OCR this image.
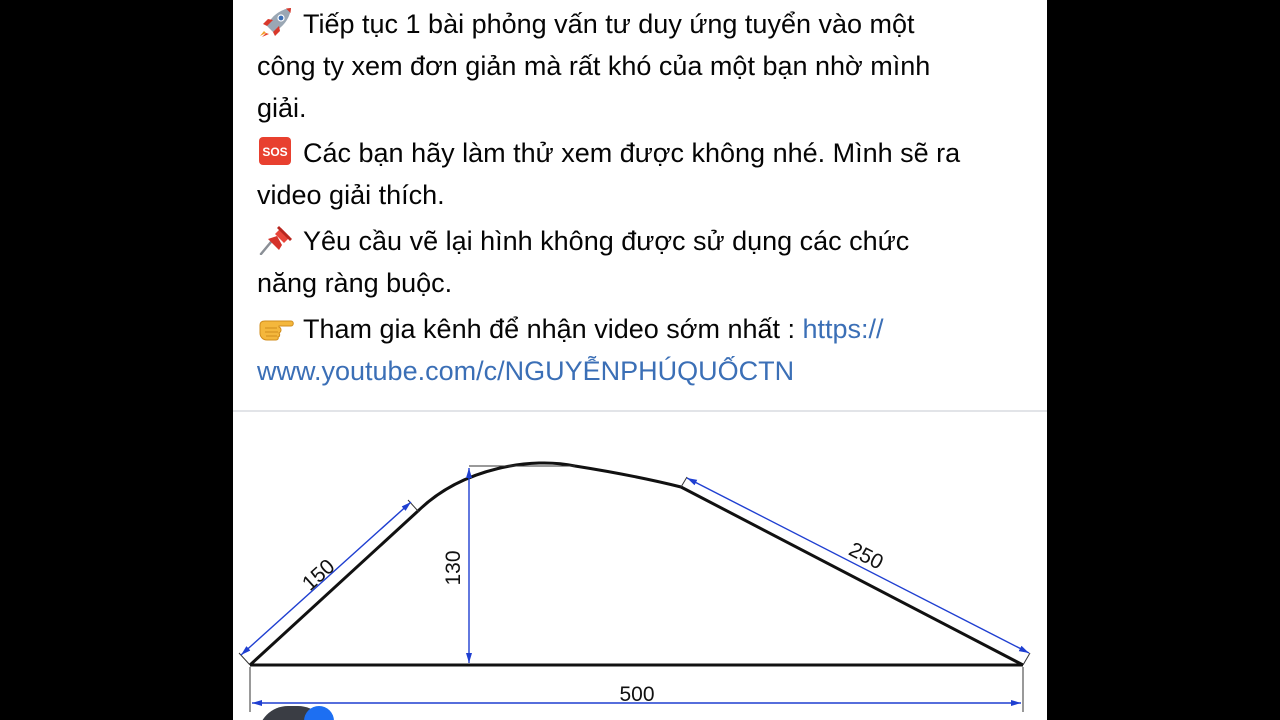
Tiếp tục 1 bài phỏng vấn tư duy ứng tuyển vào một
công ty xem đơn giản mà rất khó của một bạn nhờ mình
giải.

SOS Các bạn hãy làm thử xem được không nhé. Mình sẽ ra
video giải thích.

Yêu cầu vẽ lại hình không được sử dụng các chức
năng ràng buộc.

Tham gia kênh để nhận video sớm nhất : https://
www.youtube.com/c/NGUYỄNPHÚQUỐCTN

150	130	250
500
